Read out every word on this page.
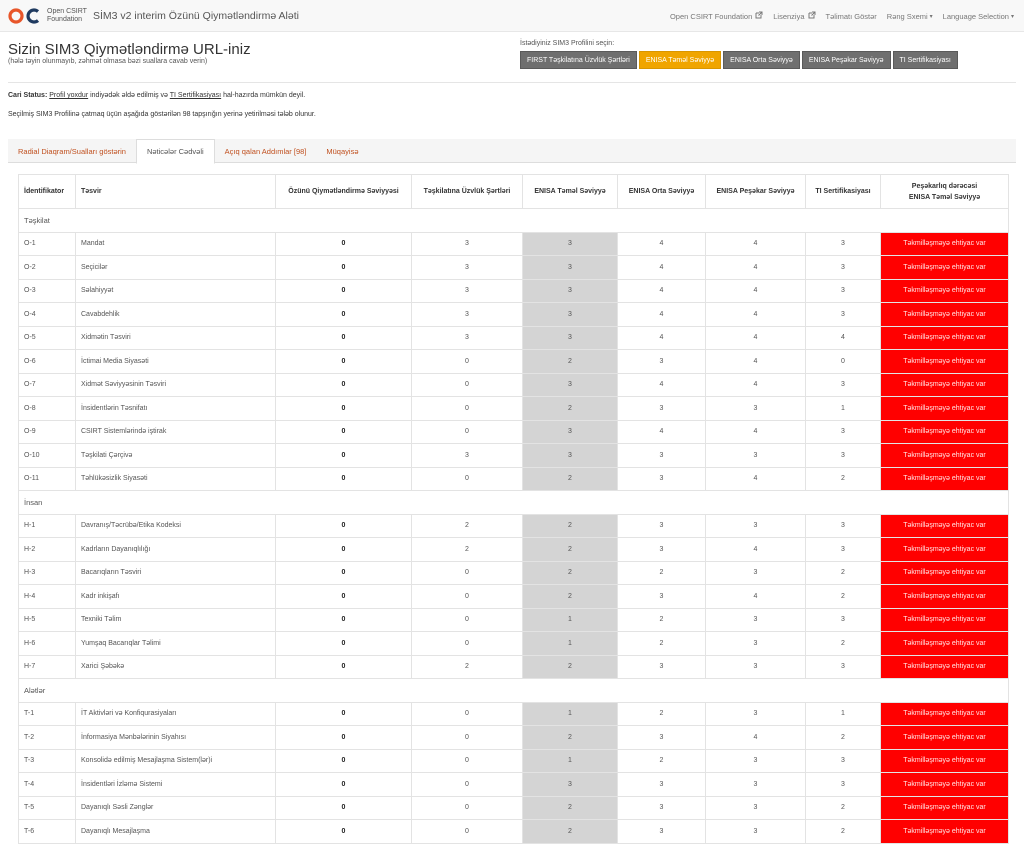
Open CSIRT
Foundation	SİM3 v2 interim Özünü Qiymətləndirmə Aləti	Open CSIRT Foundation	Lisenziya	Təlimatı Göstər Rəng Sxemi ▾ Language Selection ▾
Sizin SIM3 Qiymətləndirmə URL-iniz
(hələ təyin olunmayıb, zəhmət olmasa bəzi suallara cavab verin)
İstədiyiniz SIM3 Profilini seçin:
FIRST Təşkilatına Üzvlük Şərtləri	ENISA Təməl Səviyyə	ENISA Orta Səviyyə	ENISA Peşəkar Səviyyə	TI Sertifikasiyası
Cari Status: Profil yoxdur indiyədək əldə edilmiş və TI Sertifikasiyası hal-hazırda mümkün deyil.
Seçilmiş SIM3 Profilinə çatmaq üçün aşağıda göstərilən 98 tapşırığın yerinə yetirilməsi tələb olunur.
Radial Diaqram/Sualları göstərin	Nəticələr Cədvəli	Açıq qalan Addımlar [98]	Müqayisə
İdentifikator	Təsvir	Özünü Qiymətləndirmə Səviyyəsi	Təşkilatına Üzvlük Şərtləri	ENISA Təməl Səviyyə	ENISA Orta Səviyyə	ENISA Peşəkar Səviyyə	TI Sertifikasiyası	Peşəkarlıq dərəcəsi
ENISA Təməl Səviyyə
Təşkilat								
O-1	Mandat	0	3	3	4	4	3	Təkmilləşməyə ehtiyac var
O-2	Seçicilər	0	3	3	4	4	3	Təkmilləşməyə ehtiyac var
O-3	Səlahiyyət	0	3	3	4	4	3	Təkmilləşməyə ehtiyac var
O-4	Cavabdehlik	0	3	3	4	4	3	Təkmilləşməyə ehtiyac var
O-5	Xidmətin Təsviri	0	3	3	4	4	4	Təkmilləşməyə ehtiyac var
O-6	İctimai Media Siyasəti	0	0	2	3	4	0	Təkmilləşməyə ehtiyac var
O-7	Xidmət Səviyyəsinin Təsviri	0	0	3	4	4	3	Təkmilləşməyə ehtiyac var
O-8	İnsidentlərin Təsnifatı	0	0	2	3	3	1	Təkmilləşməyə ehtiyac var
O-9	CSIRT Sistemlərində iştirak	0	0	3	4	4	3	Təkmilləşməyə ehtiyac var
O-10	Təşkilati Çərçivə	0	3	3	3	3	3	Təkmilləşməyə ehtiyac var
O-11	Təhlükəsizlik Siyasəti	0	0	2	3	4	2	Təkmilləşməyə ehtiyac var
İnsan								
H-1	Davranış/Təcrübə/Etika Kodeksi	0	2	2	3	3	3	Təkmilləşməyə ehtiyac var
H-2	Kadrların Dayanıqlılığı	0	2	2	3	4	3	Təkmilləşməyə ehtiyac var
H-3	Bacarıqların Təsviri	0	0	2	2	3	2	Təkmilləşməyə ehtiyac var
H-4	Kadr inkişafı	0	0	2	3	4	2	Təkmilləşməyə ehtiyac var
H-5	Texniki Təlim	0	0	1	2	3	3	Təkmilləşməyə ehtiyac var
H-6	Yumşaq Bacarıqlar Təlimi	0	0	1	2	3	2	Təkmilləşməyə ehtiyac var
H-7	Xarici Şəbəkə	0	2	2	3	3	3	Təkmilləşməyə ehtiyac var
Alətlər								
T-1	İT Aktivləri və Konfiqurasiyaları	0	0	1	2	3	1	Təkmilləşməyə ehtiyac var
T-2	İnformasiya Mənbələrinin Siyahısı	0	0	2	3	4	2	Təkmilləşməyə ehtiyac var
T-3	Konsolidə edilmiş Mesajlaşma Sistem(lər)i	0	0	1	2	3	3	Təkmilləşməyə ehtiyac var
T-4	İnsidentləri İzləmə Sistemi	0	0	3	3	3	3	Təkmilləşməyə ehtiyac var
T-5	Dayanıqlı Səsli Zənglər	0	0	2	3	3	2	Təkmilləşməyə ehtiyac var
T-6	Dayanıqlı Mesajlaşma	0	0	2	3	3	2	Təkmilləşməyə ehtiyac var
